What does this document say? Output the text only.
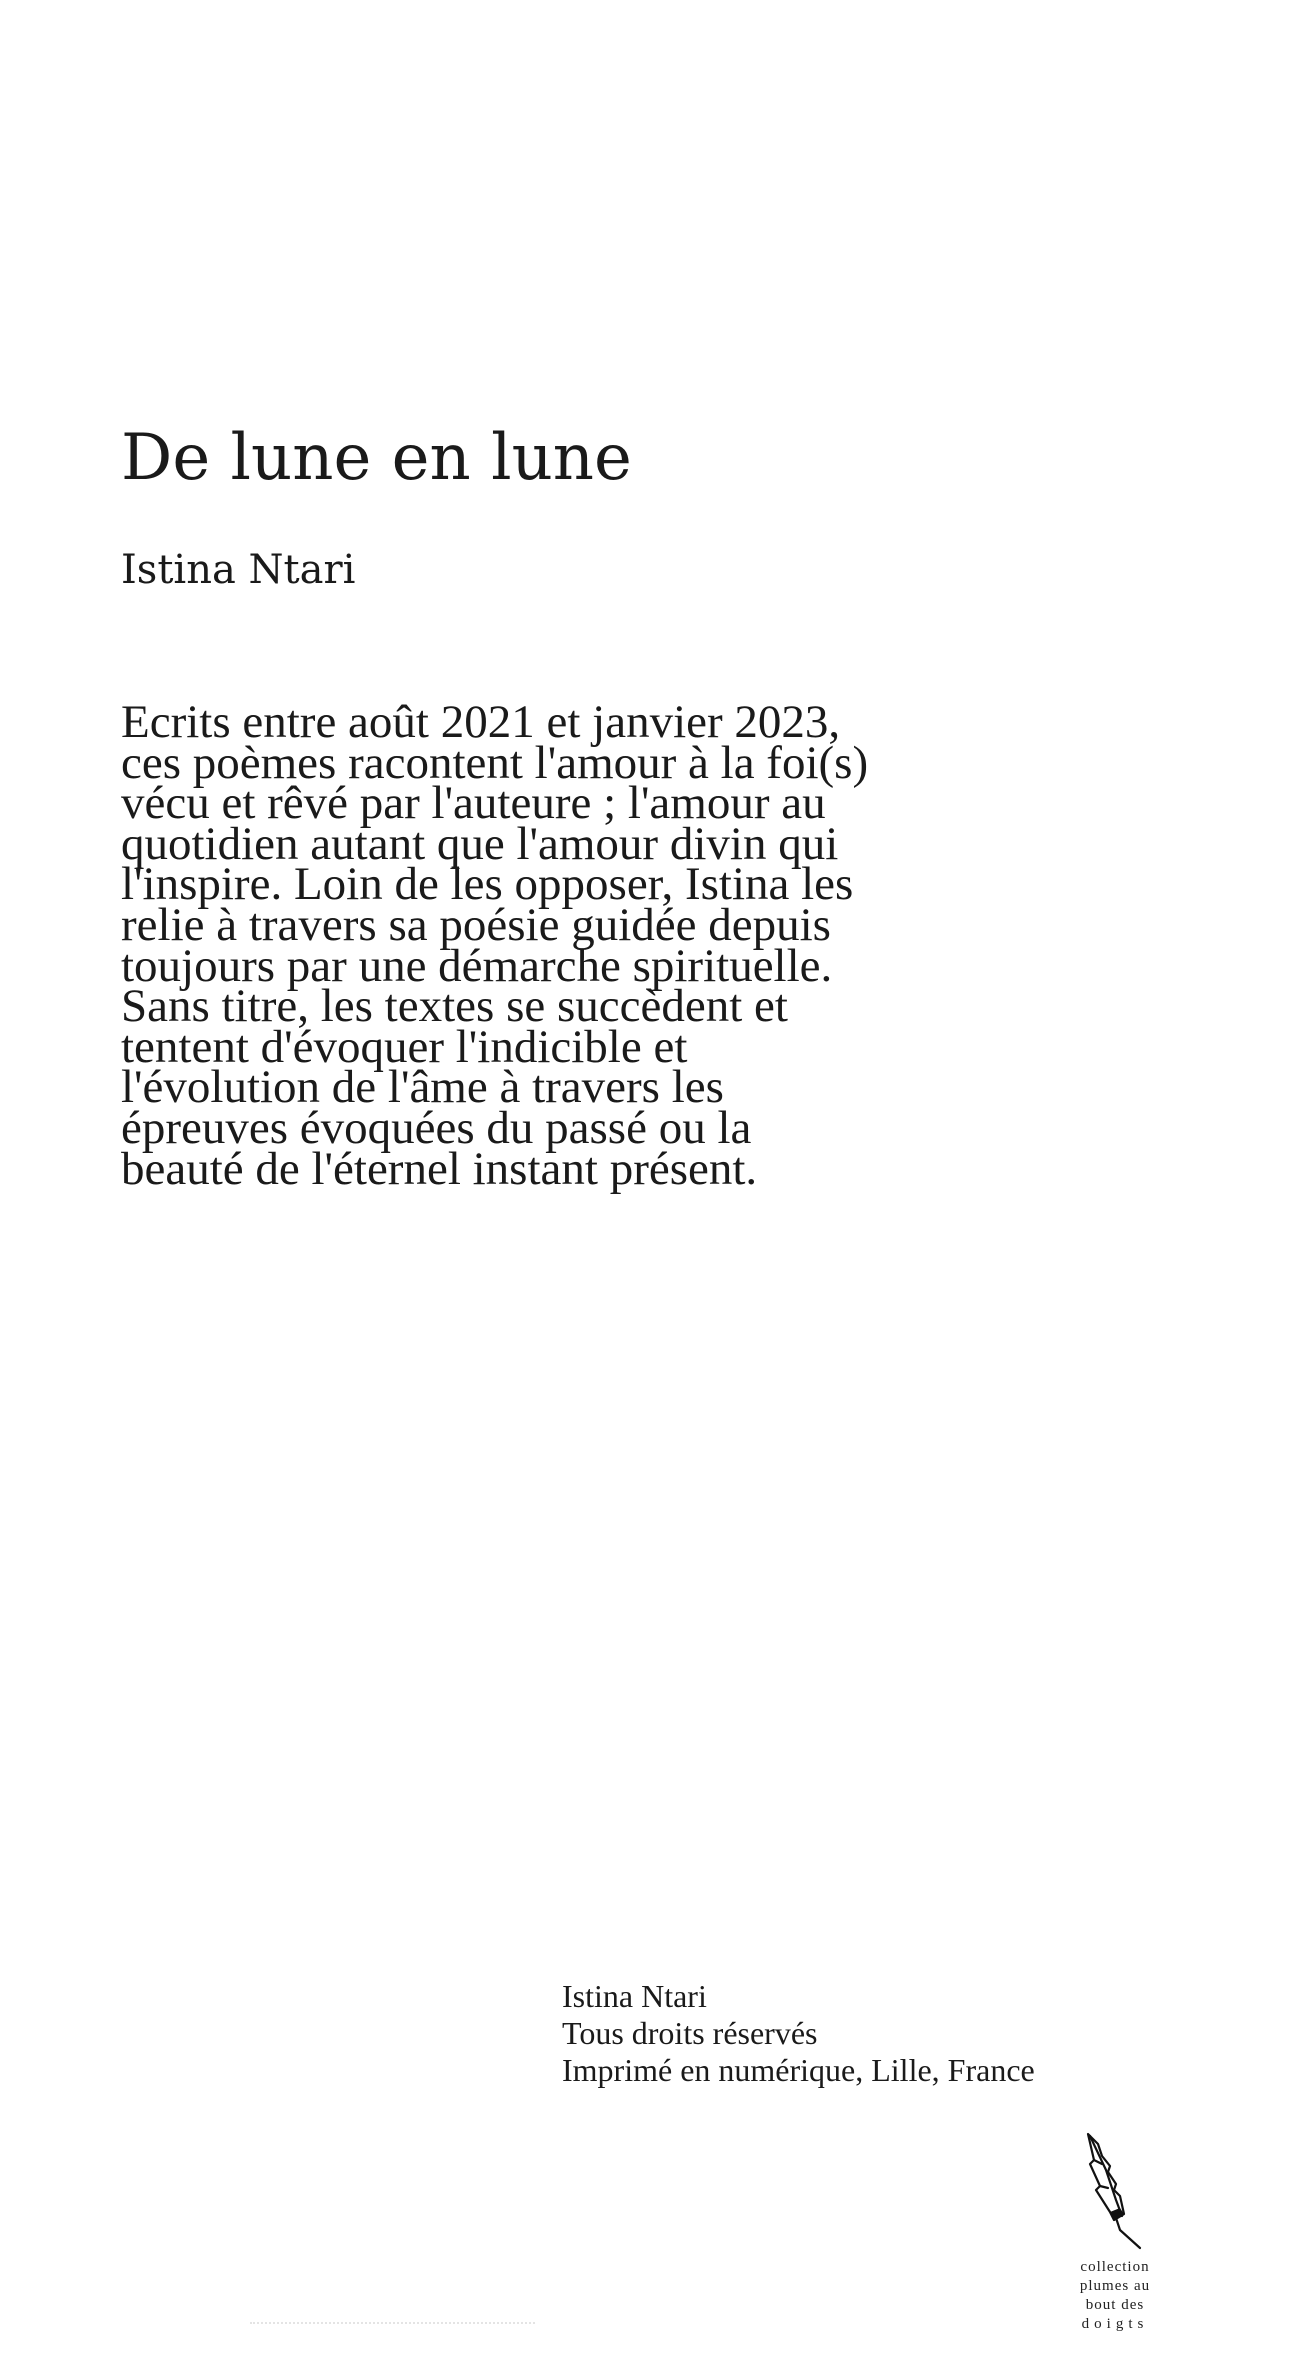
De lune en lune

Istina Ntari

Ecrits entre août 2021 et janvier 2023,
ces poèmes racontent l'amour à la foi(s)
vécu et rêvé par l'auteure ; l'amour au
quotidien autant que l'amour divin qui
l'inspire. Loin de les opposer, Istina les
relie à travers sa poésie guidée depuis
toujours par une démarche spirituelle.
Sans titre, les textes se succèdent et
tentent d'évoquer l'indicible et
l'évolution de l'âme à travers les
épreuves évoquées du passé ou la
beauté de l'éternel instant présent.
Istina Ntari
Tous droits réservés
Imprimé en numérique, Lille, France
collection
plumes au
bout des
doigts
